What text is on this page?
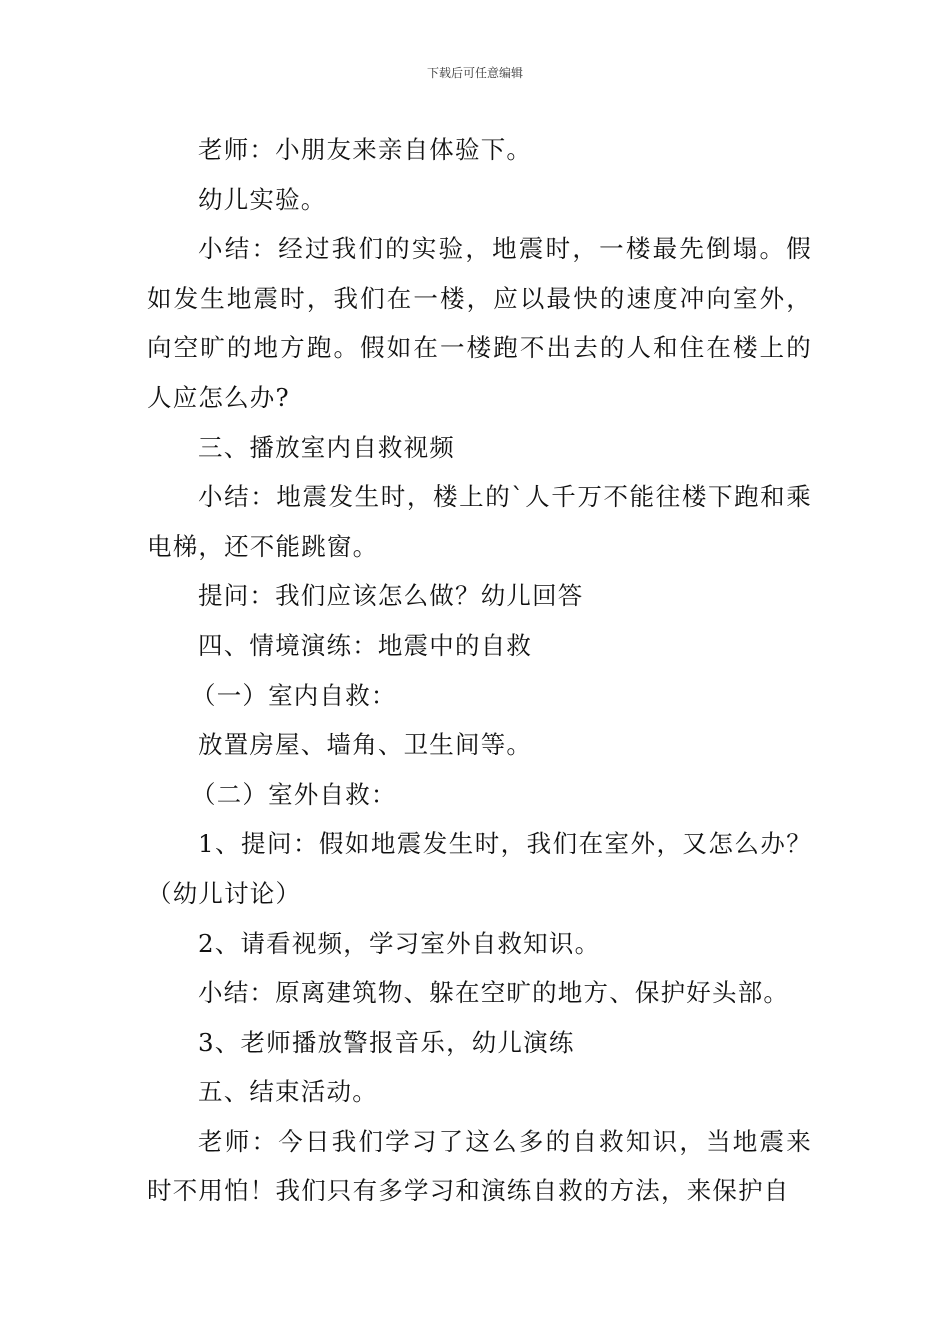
下载后可任意编辑

老师：小朋友来亲自体验下。

幼儿实验。

小结：经过我们的实验，地震时，一楼最先倒塌。假如发生地震时，我们在一楼，应以最快的速度冲向室外，向空旷的地方跑。假如在一楼跑不出去的人和住在楼上的人应怎么办?

三、播放室内自救视频

小结：地震发生时，楼上的`人千万不能往楼下跑和乘电梯，还不能跳窗。

提问：我们应该怎么做？幼儿回答

四、情境演练：地震中的自救

（一）室内自救：

放置房屋、墙角、卫生间等。

（二）室外自救：

1、提问：假如地震发生时，我们在室外，又怎么办？（幼儿讨论）

2、请看视频，学习室外自救知识。

小结：原离建筑物、躲在空旷的地方、保护好头部。

3、老师播放警报音乐，幼儿演练

五、结束活动。

老师：今日我们学习了这么多的自救知识，当地震来时不用怕！我们只有多学习和演练自救的方法，来保护自
